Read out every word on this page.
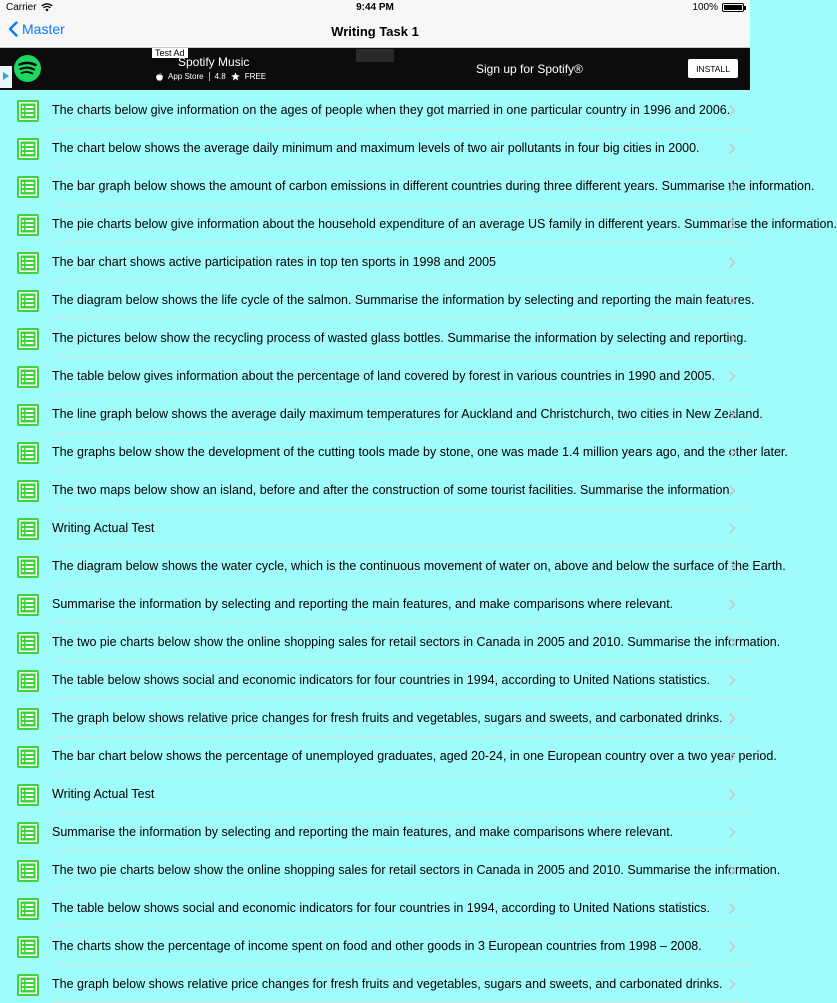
Carrier	9:44 PM	100%
Master	Writing Task 1
Test Ad
Spotify Music
App Store 4.8 FREE
Sign up for Spotify®	INSTALL
The charts below give information on the ages of people when they got married in one particular country in 1996 and 2006.
The chart below shows the average daily minimum and maximum levels of two air pollutants in four big cities in 2000.
The bar graph below shows the amount of carbon emissions in different countries during three different years. Summarise the information.
The pie charts below give information about the household expenditure of an average US family in different years. Summarise the information.
The bar chart shows active participation rates in top ten sports in 1998 and 2005
The diagram below shows the life cycle of the salmon. Summarise the information by selecting and reporting the main features.
The pictures below show the recycling process of wasted glass bottles. Summarise the information by selecting and reporting.
The table below gives information about the percentage of land covered by forest in various countries in 1990 and 2005.
The line graph below shows the average daily maximum temperatures for Auckland and Christchurch, two cities in New Zealand.
The graphs below show the development of the cutting tools made by stone, one was made 1.4 million years ago, and the other later.
The two maps below show an island, before and after the construction of some tourist facilities. Summarise the information.
Writing Actual Test
The diagram below shows the water cycle, which is the continuous movement of water on, above and below the surface of the Earth.
Summarise the information by selecting and reporting the main features, and make comparisons where relevant.
The two pie charts below show the online shopping sales for retail sectors in Canada in 2005 and 2010. Summarise the information.
The table below shows social and economic indicators for four countries in 1994, according to United Nations statistics.
The graph below shows relative price changes for fresh fruits and vegetables, sugars and sweets, and carbonated drinks.
The bar chart below shows the percentage of unemployed graduates, aged 20-24, in one European country over a two year period.
Writing Actual Test
Summarise the information by selecting and reporting the main features, and make comparisons where relevant.
The two pie charts below show the online shopping sales for retail sectors in Canada in 2005 and 2010. Summarise the information.
The table below shows social and economic indicators for four countries in 1994, according to United Nations statistics.
The charts show the percentage of income spent on food and other goods in 3 European countries from 1998 – 2008.
The graph below shows relative price changes for fresh fruits and vegetables, sugars and sweets, and carbonated drinks.
